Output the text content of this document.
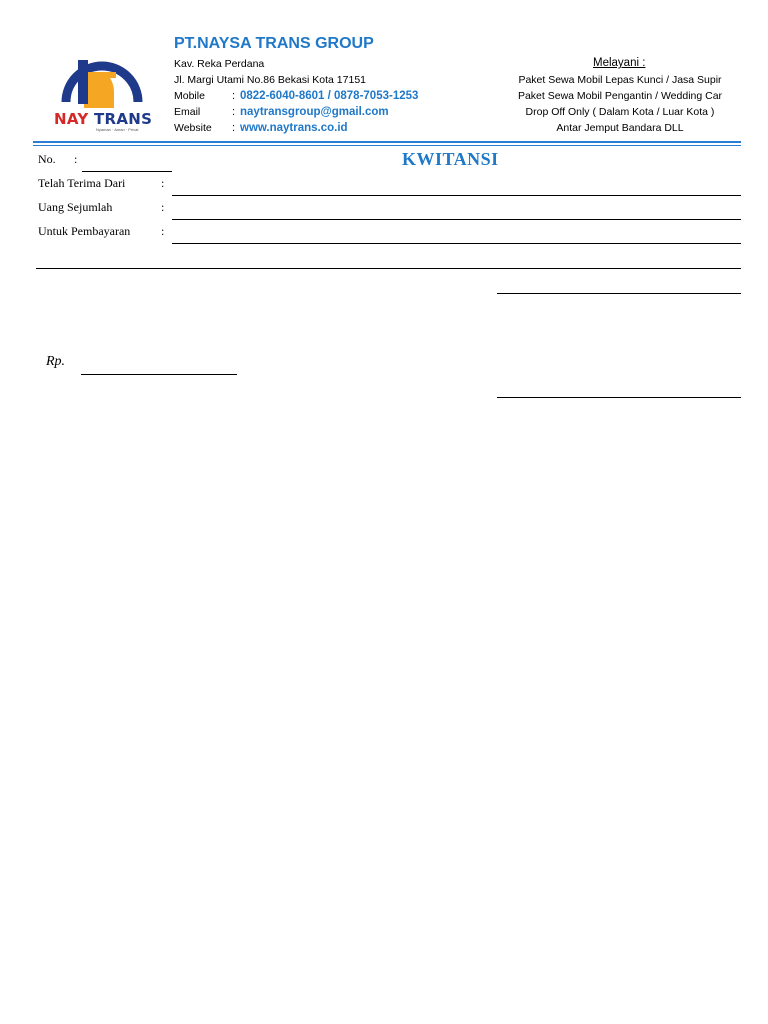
NAY TRANS
Nyaman · Aman · Privat
PT.NAYSA TRANS GROUP
Kav. Reka Perdana
Jl. Margi Utami No.86 Bekasi Kota 17151
Mobile : 0822-6040-8601 / 0878-7053-1253
Email	: naytransgroup@gmail.com
Website : www.naytrans.co.id
Melayani :
Paket Sewa Mobil Lepas Kunci / Jasa Supir
Paket Sewa Mobil Pengantin / Wedding Car
Drop Off Only ( Dalam Kota / Luar Kota )
Antar Jemput Bandara DLL
KWITANSI
No. :
Telah Terima Dari	:
Uang Sejumlah	:
Untuk Pembayaran	:
Rp.
